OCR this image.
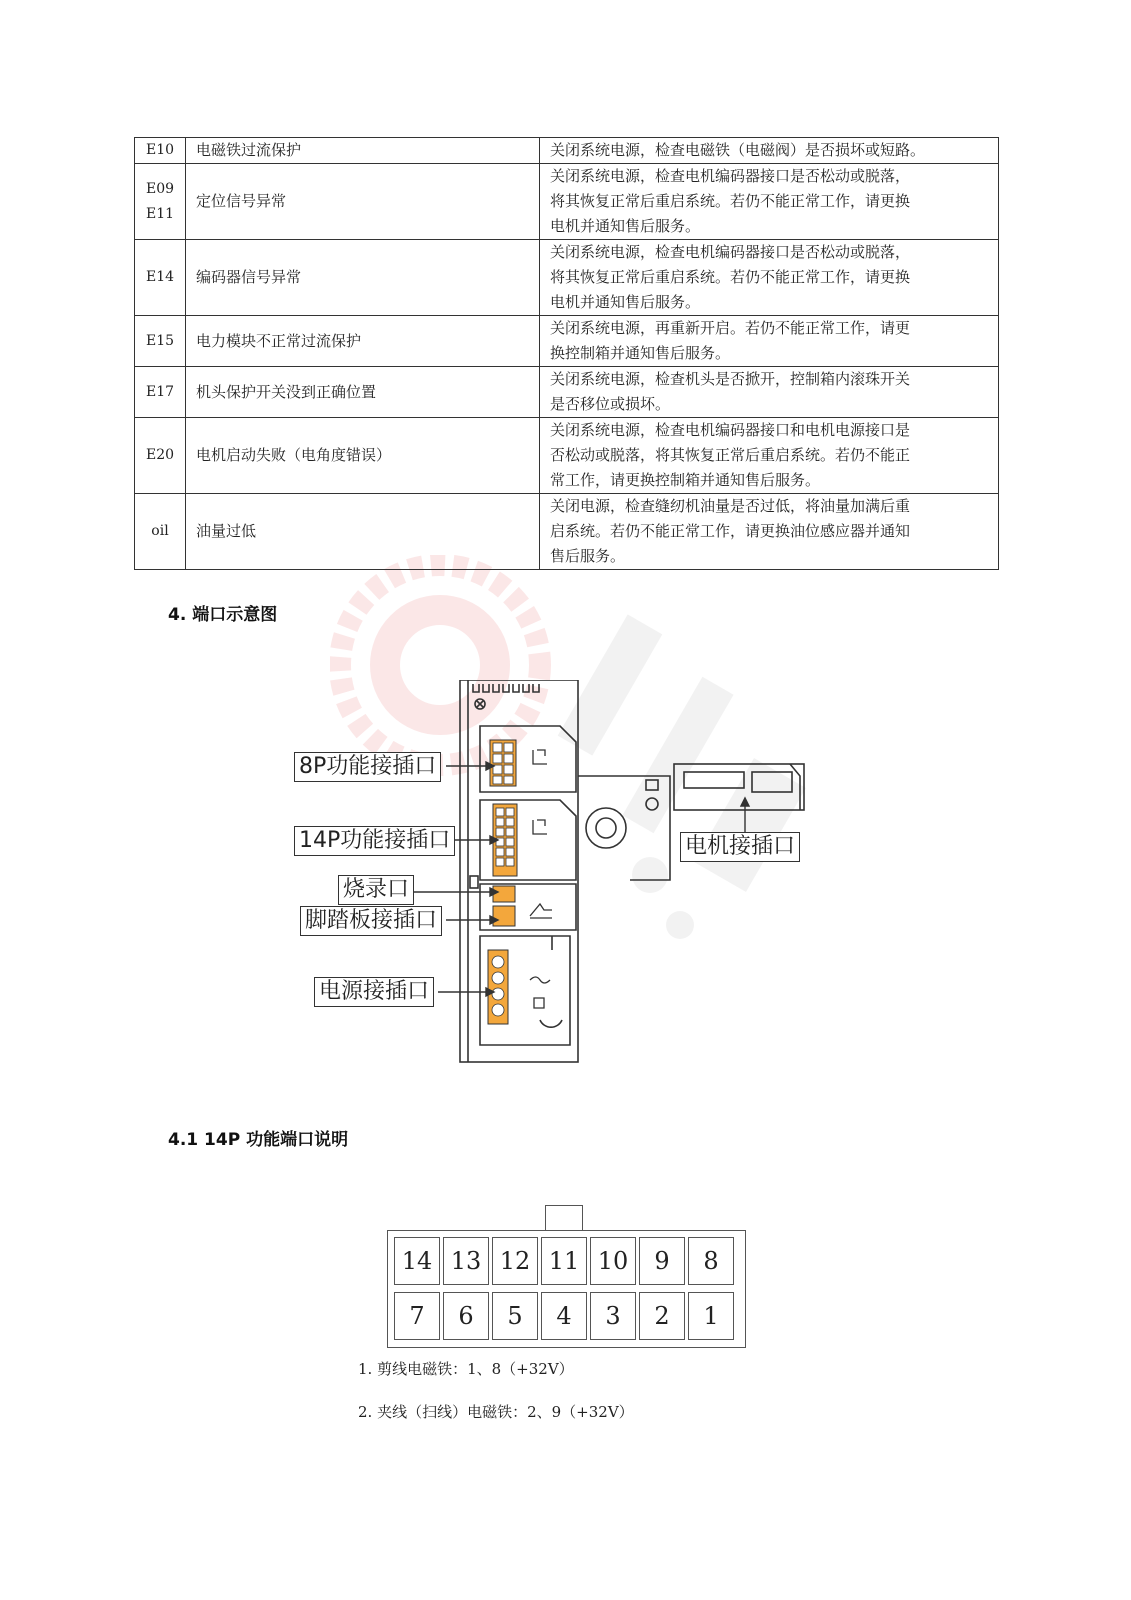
E10	电磁铁过流保护	关闭系统电源，检查电磁铁（电磁阀）是否损坏或短路。

E09
E11	定位信号异常	关闭系统电源，检查电机编码器接口是否松动或脱落，
将其恢复正常后重启系统。若仍不能正常工作，请更换
电机并通知售后服务。

E14	编码器信号异常	关闭系统电源，检查电机编码器接口是否松动或脱落，
将其恢复正常后重启系统。若仍不能正常工作，请更换
电机并通知售后服务。

E15	电力模块不正常过流保护	关闭系统电源，再重新开启。若仍不能正常工作，请更
换控制箱并通知售后服务。

E17	机头保护开关没到正确位置	关闭系统电源，检查机头是否掀开，控制箱内滚珠开关
是否移位或损坏。

E20	电机启动失败（电角度错误）	关闭系统电源，检查电机编码器接口和电机电源接口是
否松动或脱落，将其恢复正常后重启系统。若仍不能正
常工作，请更换控制箱并通知售后服务。

oil	油量过低	关闭电源，检查缝纫机油量是否过低，将油量加满后重
启系统。若仍不能正常工作，请更换油位感应器并通知
售后服务。
4. 端口示意图
8P功能接插口
14P功能接插口
烧录口
脚踏板接插口
电源接插口
电机接插口
4.1 14P 功能端口说明
14 13 12 11 10	9	8
7	6	5	4	3	2	1
1. 剪线电磁铁：1、8（+32V）
2. 夹线（扫线）电磁铁：2、9（+32V）
